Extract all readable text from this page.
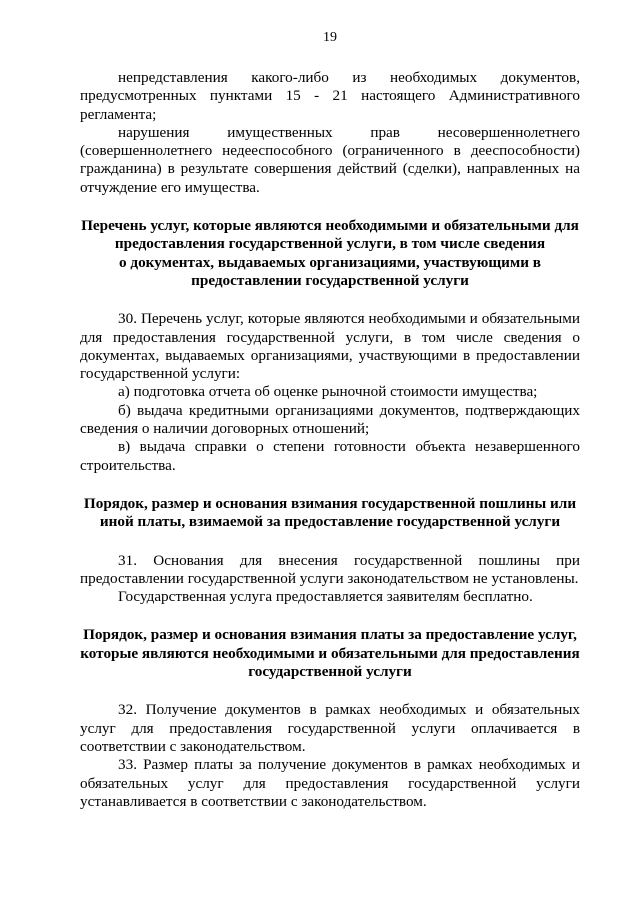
19

непредставления какого-либо из необходимых документов, предусмотренных пунктами 15 - 21 настоящего Административного регламента;

нарушения имущественных прав несовершеннолетнего (совершеннолетнего недееспособного (ограниченного в дееспособности) гражданина) в результате совершения действий (сделки), направленных на отчуждение его имущества.

Перечень услуг, которые являются необходимыми и обязательными для
предоставления государственной услуги, в том числе сведения
о документах, выдаваемых организациями, участвующими в
предоставлении государственной услуги

30. Перечень услуг, которые являются необходимыми и обязательными для предоставления государственной услуги, в том числе сведения о документах, выдаваемых организациями, участвующими в предоставлении государственной услуги:

а) подготовка отчета об оценке рыночной стоимости имущества;

б) выдача кредитными организациями документов, подтверждающих сведения о наличии договорных отношений;

в) выдача справки о степени готовности объекта незавершенного строительства.

Порядок, размер и основания взимания государственной пошлины или
иной платы, взимаемой за предоставление государственной услуги

31. Основания для внесения государственной пошлины при предоставлении государственной услуги законодательством не установлены.

Государственная услуга предоставляется заявителям бесплатно.

Порядок, размер и основания взимания платы за предоставление услуг,
которые являются необходимыми и обязательными для предоставления
государственной услуги

32. Получение документов в рамках необходимых и обязательных услуг для предоставления государственной услуги оплачивается в соответствии с законодательством.

33. Размер платы за получение документов в рамках необходимых и обязательных услуг для предоставления государственной услуги устанавливается в соответствии с законодательством.
